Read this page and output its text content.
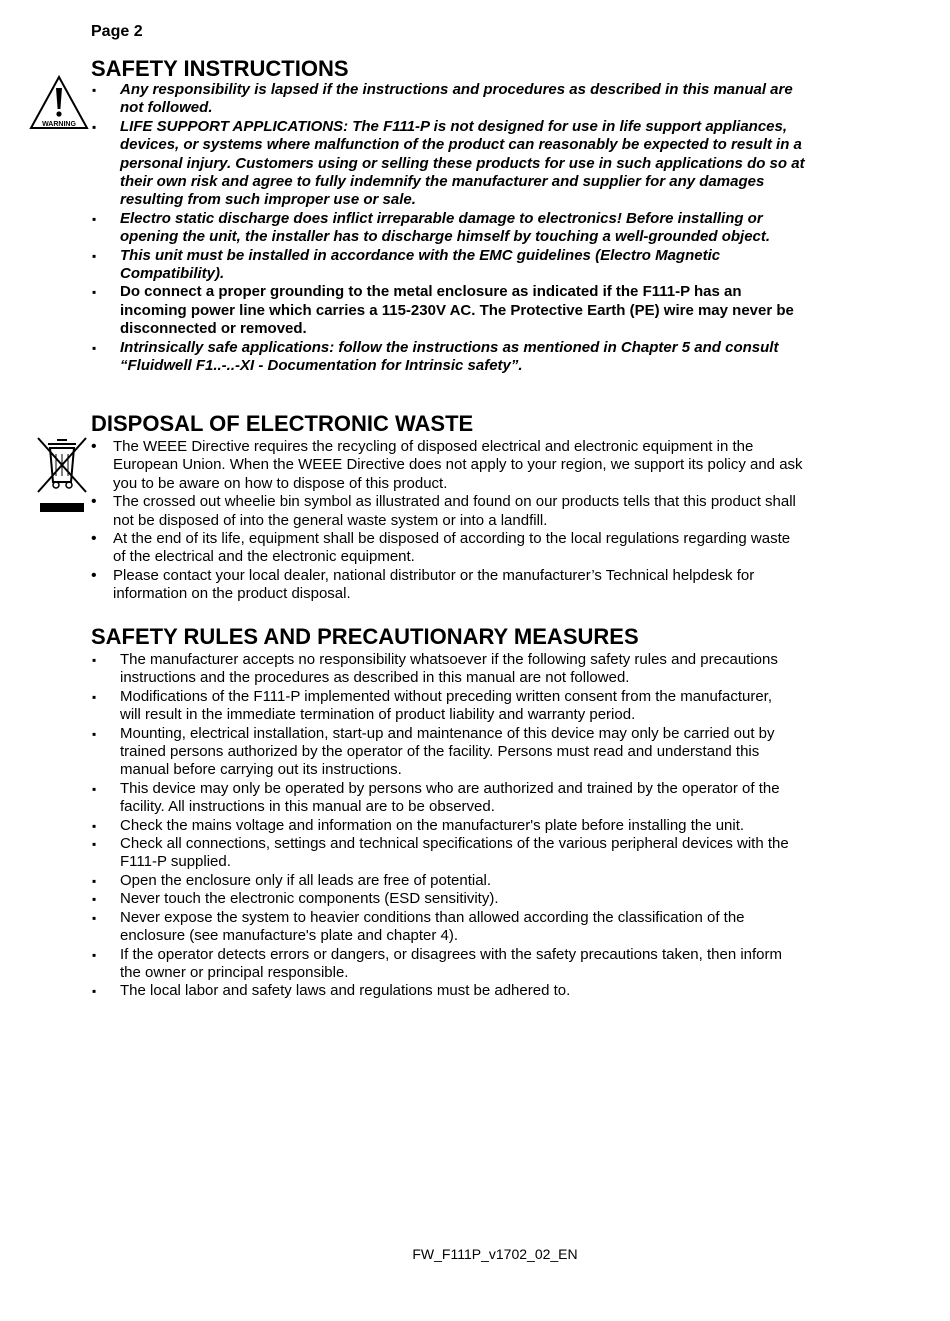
Page 2
SAFETY INSTRUCTIONS
WARNING
▪ Any responsibility is lapsed if the instructions and procedures as described in this manual are not followed.
▪ LIFE SUPPORT APPLICATIONS: The F111-P is not designed for use in life support appliances, devices, or systems where malfunction of the product can reasonably be expected to result in a personal injury. Customers using or selling these products for use in such applications do so at their own risk and agree to fully indemnify the manufacturer and supplier for any damages resulting from such improper use or sale.
▪ Electro static discharge does inflict irreparable damage to electronics! Before installing or opening the unit, the installer has to discharge himself by touching a well-grounded object.
▪ This unit must be installed in accordance with the EMC guidelines (Electro Magnetic Compatibility).
▪ Do connect a proper grounding to the metal enclosure as indicated if the F111-P has an incoming power line which carries a 115-230V AC. The Protective Earth (PE) wire may never be disconnected or removed.
▪ Intrinsically safe applications: follow the instructions as mentioned in Chapter 5 and consult “Fluidwell F1..-..-XI - Documentation for Intrinsic safety”.
DISPOSAL OF ELECTRONIC WASTE
• The WEEE Directive requires the recycling of disposed electrical and electronic equipment in the European Union. When the WEEE Directive does not apply to your region, we support its policy and ask you to be aware on how to dispose of this product.
• The crossed out wheelie bin symbol as illustrated and found on our products tells that this product shall not be disposed of into the general waste system or into a landfill.
• At the end of its life, equipment shall be disposed of according to the local regulations regarding waste of the electrical and the electronic equipment.
• Please contact your local dealer, national distributor or the manufacturer’s Technical helpdesk for information on the product disposal.
SAFETY RULES AND PRECAUTIONARY MEASURES
▪ The manufacturer accepts no responsibility whatsoever if the following safety rules and precautions instructions and the procedures as described in this manual are not followed.
▪ Modifications of the F111-P implemented without preceding written consent from the manufacturer, will result in the immediate termination of product liability and warranty period.
▪ Mounting, electrical installation, start-up and maintenance of this device may only be carried out by trained persons authorized by the operator of the facility. Persons must read and understand this manual before carrying out its instructions.
▪ This device may only be operated by persons who are authorized and trained by the operator of the facility. All instructions in this manual are to be observed.
▪ Check the mains voltage and information on the manufacturer's plate before installing the unit.
▪ Check all connections, settings and technical specifications of the various peripheral devices with the F111-P supplied.
▪ Open the enclosure only if all leads are free of potential.
▪ Never touch the electronic components (ESD sensitivity).
▪ Never expose the system to heavier conditions than allowed according the classification of the enclosure (see manufacture's plate and chapter 4).
▪ If the operator detects errors or dangers, or disagrees with the safety precautions taken, then inform the owner or principal responsible.
▪ The local labor and safety laws and regulations must be adhered to.
FW_F111P_v1702_02_EN
